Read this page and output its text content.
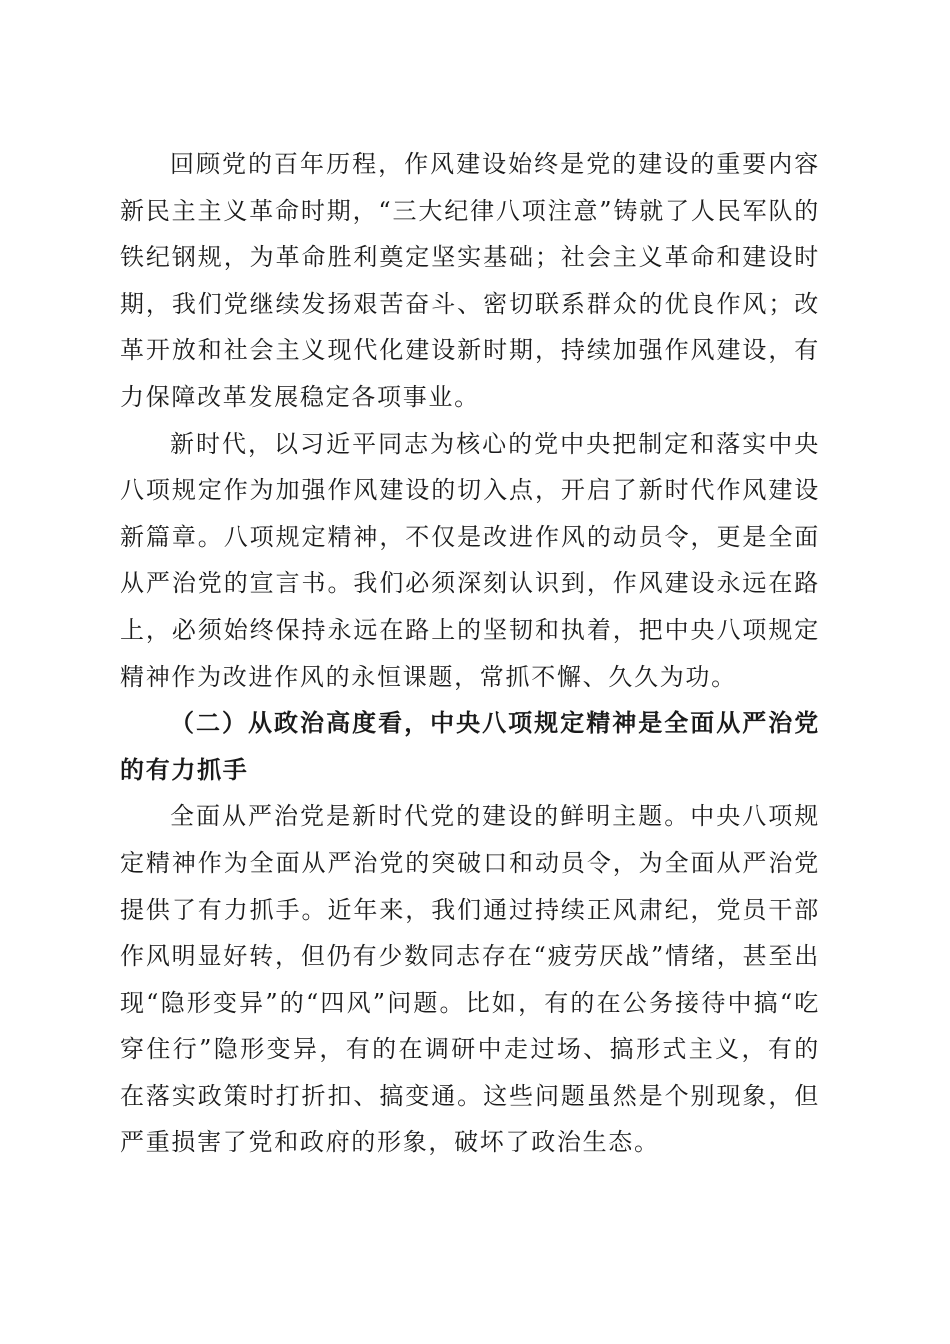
回顾党的百年历程，作风建设始终是党的建设的重要内容新民主主义革命时期，“三大纪律八项注意”铸就了人民军队的铁纪钢规，为革命胜利奠定坚实基础；社会主义革命和建设时期，我们党继续发扬艰苦奋斗、密切联系群众的优良作风；改革开放和社会主义现代化建设新时期，持续加强作风建设，有力保障改革发展稳定各项事业。

新时代，以习近平同志为核心的党中央把制定和落实中央八项规定作为加强作风建设的切入点，开启了新时代作风建设新篇章。八项规定精神，不仅是改进作风的动员令，更是全面从严治党的宣言书。我们必须深刻认识到，作风建设永远在路上，必须始终保持永远在路上的坚韧和执着，把中央八项规定精神作为改进作风的永恒课题，常抓不懈、久久为功。

（二）从政治高度看，中央八项规定精神是全面从严治党的有力抓手

全面从严治党是新时代党的建设的鲜明主题。中央八项规定精神作为全面从严治党的突破口和动员令，为全面从严治党提供了有力抓手。近年来，我们通过持续正风肃纪，党员干部作风明显好转，但仍有少数同志存在“疲劳厌战”情绪，甚至出现“隐形变异”的“四风”问题。比如，有的在公务接待中搞“吃穿住行”隐形变异，有的在调研中走过场、搞形式主义，有的在落实政策时打折扣、搞变通。这些问题虽然是个别现象，但严重损害了党和政府的形象，破坏了政治生态。
